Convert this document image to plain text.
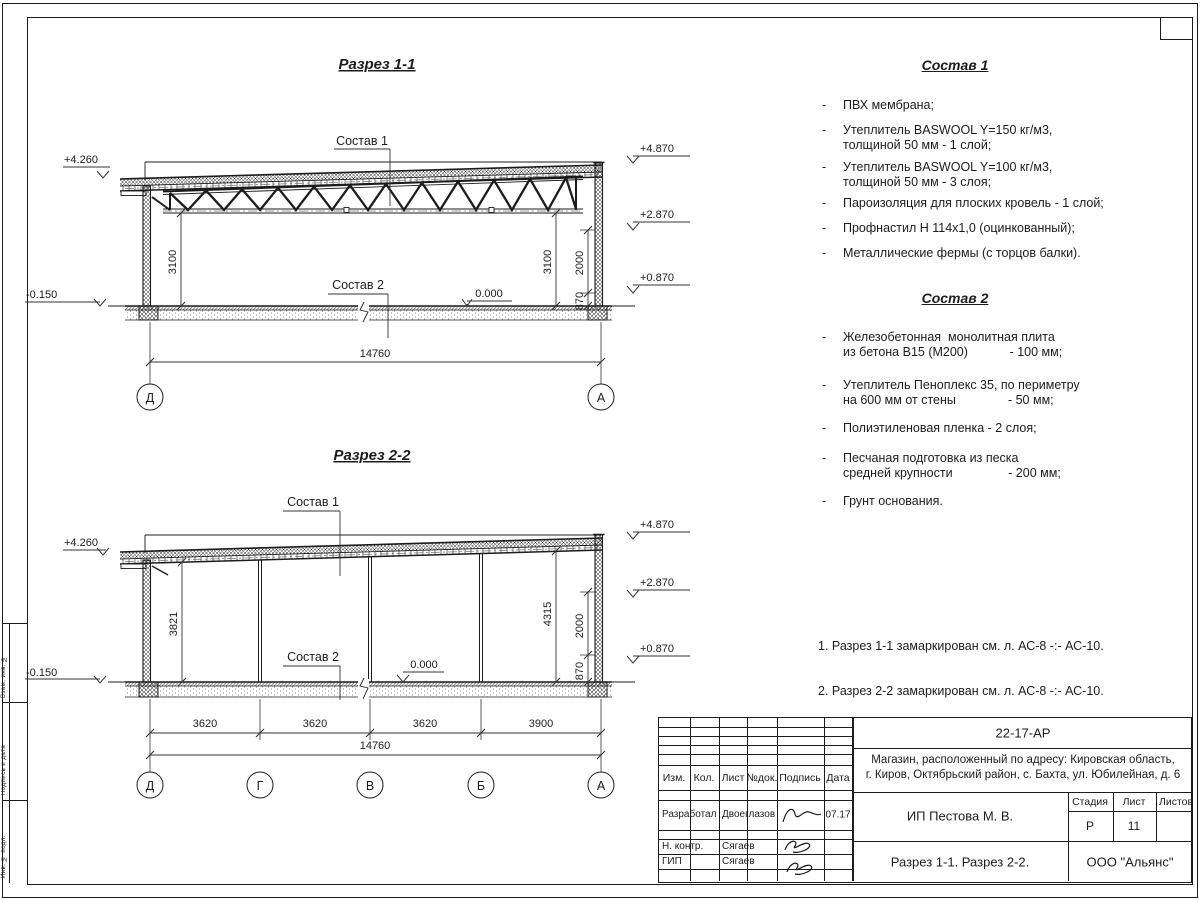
Взам. инв. №
Подпись и дата
Инв. № подл.
Разрез 1-1
Состав 1
Состав 2
0.000
+4.260
-0.150
+4.870
+2.870
+0.870
3100	3100 2000
870
14760
Д	А
Разрез 2-2
Состав 1
Состав 2
0.000
+4.260
-0.150
+4.870
+2.870
+0.870
3821	4315 2000
870
3620	3620	3620	3900
14760
Д	Г	В	Б	А
Состав 1
- ПВХ мембрана;
- Утеплитель BASWOOL Y=150 кг/м3,
толщиной 50 мм - 1 слой;
- Утеплитель BASWOOL Y=100 кг/м3,
толщиной 50 мм - 3 слоя;
- Пароизоляция для плоских кровель - 1 слой;
- Профнастил Н 114х1,0 (оцинкованный);
- Металлические фермы (с торцов балки).
Состав 2
- Железобетонная  монолитная плита
из бетона В15 (М200)            - 100 мм;
- Утеплитель Пеноплекс 35, по периметру
на 600 мм от стены               - 50 мм;
- Полиэтиленовая пленка - 2 слоя;
- Песчаная подготовка из песка
средней крупности                - 200 мм;
- Грунт основания.

1. Разрез 1-1 замаркирован см. л. АС-8 -:- АС-10.

2. Разрез 2-2 замаркирован см. л. АС-8 -:- АС-10.

Изм. Кол. Лист №док. Подпись Дата
Разработал Двоеглазов	07.17
Н. контр. Сягаев
ГИП	Сягаев
22-17-АР
Магазин, расположенный по адресу: Кировская область,
г. Киров, Октябрьский район, с. Бахта, ул. Юбилейная, д. 6
ИП Пестова М. В.
Стадия Лист Листов
Р	11
Разрез 1-1. Разрез 2-2.	ООО "Альянс"
